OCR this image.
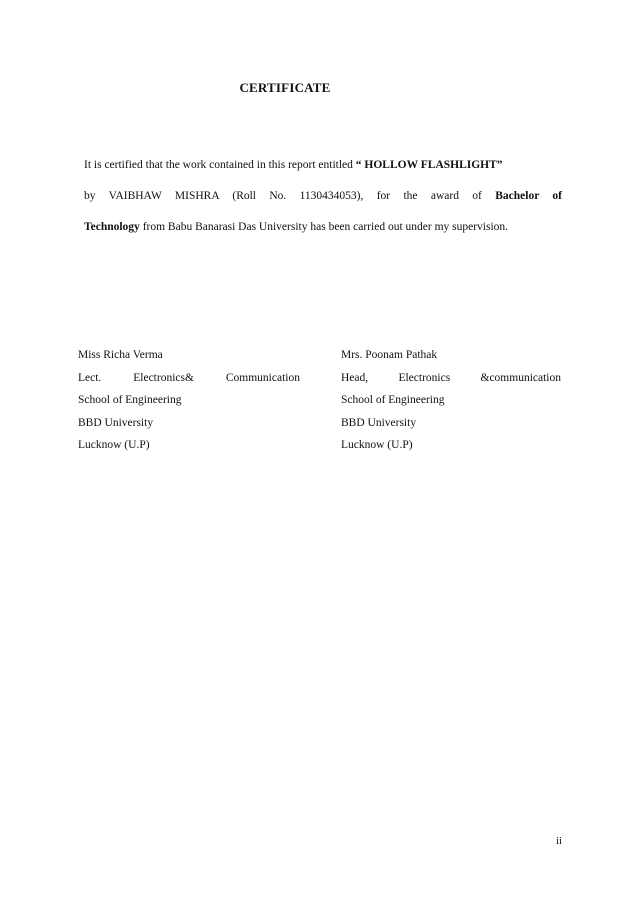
CERTIFICATE
It is certified that the work contained in this report entitled “ HOLLOW FLASHLIGHT”
by VAIBHAW MISHRA (Roll No. 1130434053), for the award of Bachelor of
Technology from Babu Banarasi Das University has been carried out under my supervision.
Miss Richa Verma
Lect.	Electronics&	Communication
School of Engineering
BBD University
Lucknow (U.P)
Mrs. Poonam Pathak
Head,	Electronics	&communication
School of Engineering
BBD University
Lucknow (U.P)
ii
